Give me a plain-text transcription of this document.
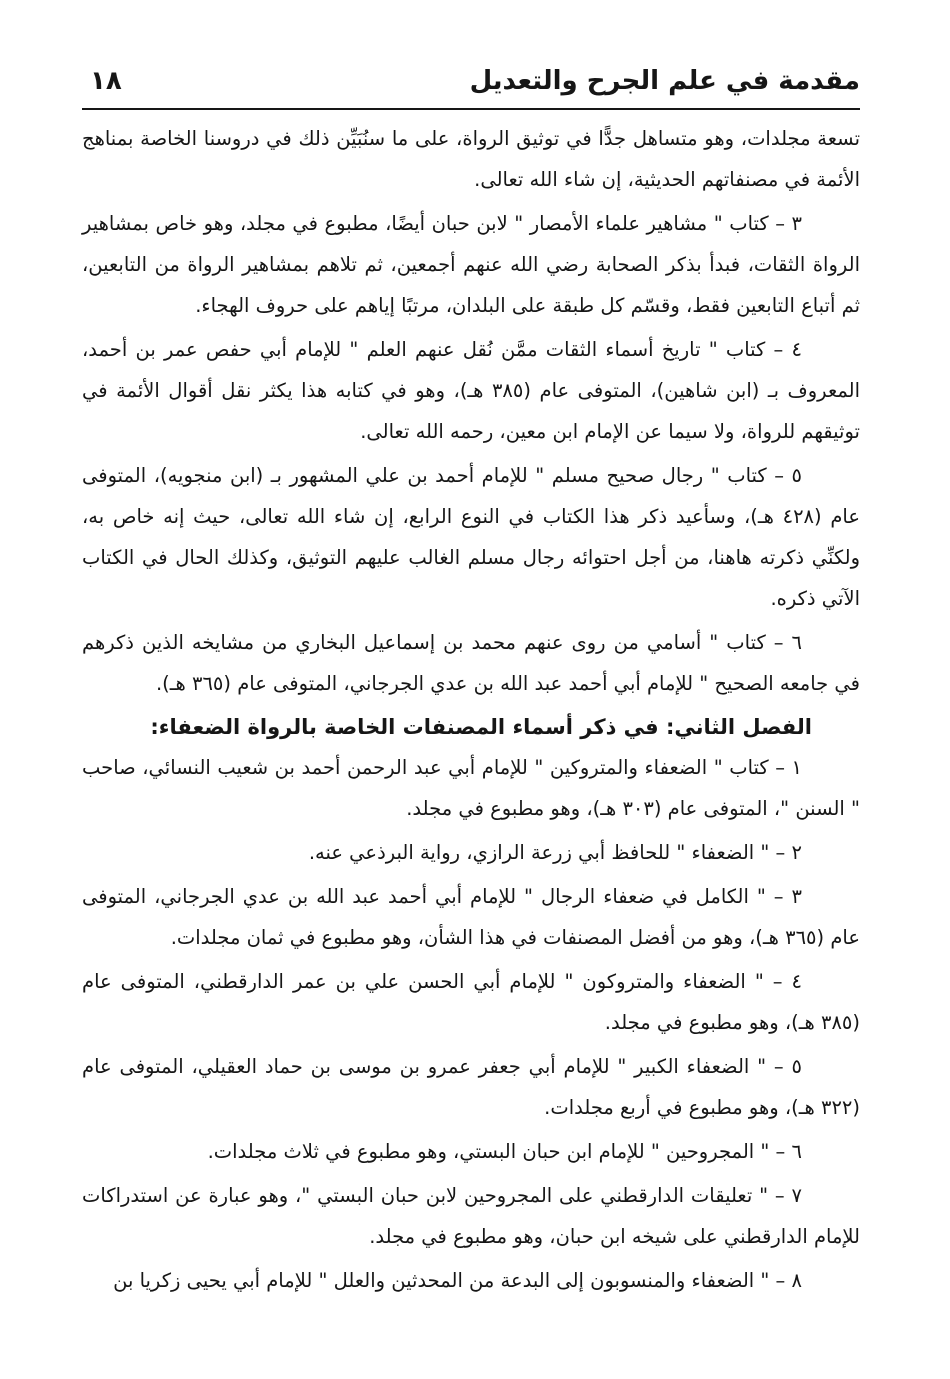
مقدمة في علم الجرح والتعديل
١٨

تسعة مجلدات، وهو متساهل جدًّا في توثيق الرواة، على ما سنُبَيِّن ذلك في دروسنا الخاصة بمناهج الأئمة في مصنفاتهم الحديثية، إن شاء الله تعالى.

٣ – كتاب " مشاهير علماء الأمصار " لابن حبان أيضًا، مطبوع في مجلد، وهو خاص بمشاهير الرواة الثقات، فبدأ بذكر الصحابة رضي الله عنهم أجمعين، ثم تلاهم بمشاهير الرواة من التابعين، ثم أتباع التابعين فقط، وقسّم كل طبقة على البلدان، مرتبًا إياهم على حروف الهجاء.

٤ – كتاب " تاريخ أسماء الثقات ممَّن نُقل عنهم العلم " للإمام أبي حفص عمر بن أحمد، المعروف بـ (ابن شاهين)، المتوفى عام (٣٨٥ هـ)، وهو في كتابه هذا يكثر نقل أقوال الأئمة في توثيقهم للرواة، ولا سيما عن الإمام ابن معين، رحمه الله تعالى.

٥ – كتاب " رجال صحيح مسلم " للإمام أحمد بن علي المشهور بـ (ابن منجويه)، المتوفى عام (٤٢٨ هـ)، وسأعيد ذكر هذا الكتاب في النوع الرابع، إن شاء الله تعالى، حيث إنه خاص به، ولكنِّي ذكرته هاهنا، من أجل احتوائه رجال مسلم الغالب عليهم التوثيق، وكذلك الحال في الكتاب الآتي ذكره.

٦ – كتاب " أسامي من روى عنهم محمد بن إسماعيل البخاري من مشايخه الذين ذكرهم في جامعه الصحيح " للإمام أبي أحمد عبد الله بن عدي الجرجاني، المتوفى عام (٣٦٥ هـ).

الفصل الثاني: في ذكر أسماء المصنفات الخاصة بالرواة الضعفاء:

١ – كتاب " الضعفاء والمتروكين " للإمام أبي عبد الرحمن أحمد بن شعيب النسائي، صاحب " السنن "، المتوفى عام (٣٠٣ هـ)، وهو مطبوع في مجلد.

٢ – " الضعفاء " للحافظ أبي زرعة الرازي، رواية البرذعي عنه.

٣ – " الكامل في ضعفاء الرجال " للإمام أبي أحمد عبد الله بن عدي الجرجاني، المتوفى عام (٣٦٥ هـ)، وهو من أفضل المصنفات في هذا الشأن، وهو مطبوع في ثمان مجلدات.

٤ – " الضعفاء والمتروكون " للإمام أبي الحسن علي بن عمر الدارقطني، المتوفى عام (٣٨٥ هـ)، وهو مطبوع في مجلد.

٥ – " الضعفاء الكبير " للإمام أبي جعفر عمرو بن موسى بن حماد العقيلي، المتوفى عام (٣٢٢ هـ)، وهو مطبوع في أربع مجلدات.

٦ – " المجروحين " للإمام ابن حبان البستي، وهو مطبوع في ثلاث مجلدات.

٧ – " تعليقات الدارقطني على المجروحين لابن حبان البستي "، وهو عبارة عن استدراكات للإمام الدارقطني على شيخه ابن حبان، وهو مطبوع في مجلد.

٨ – " الضعفاء والمنسوبون إلى البدعة من المحدثين والعلل " للإمام أبي يحيى زكريا بن
